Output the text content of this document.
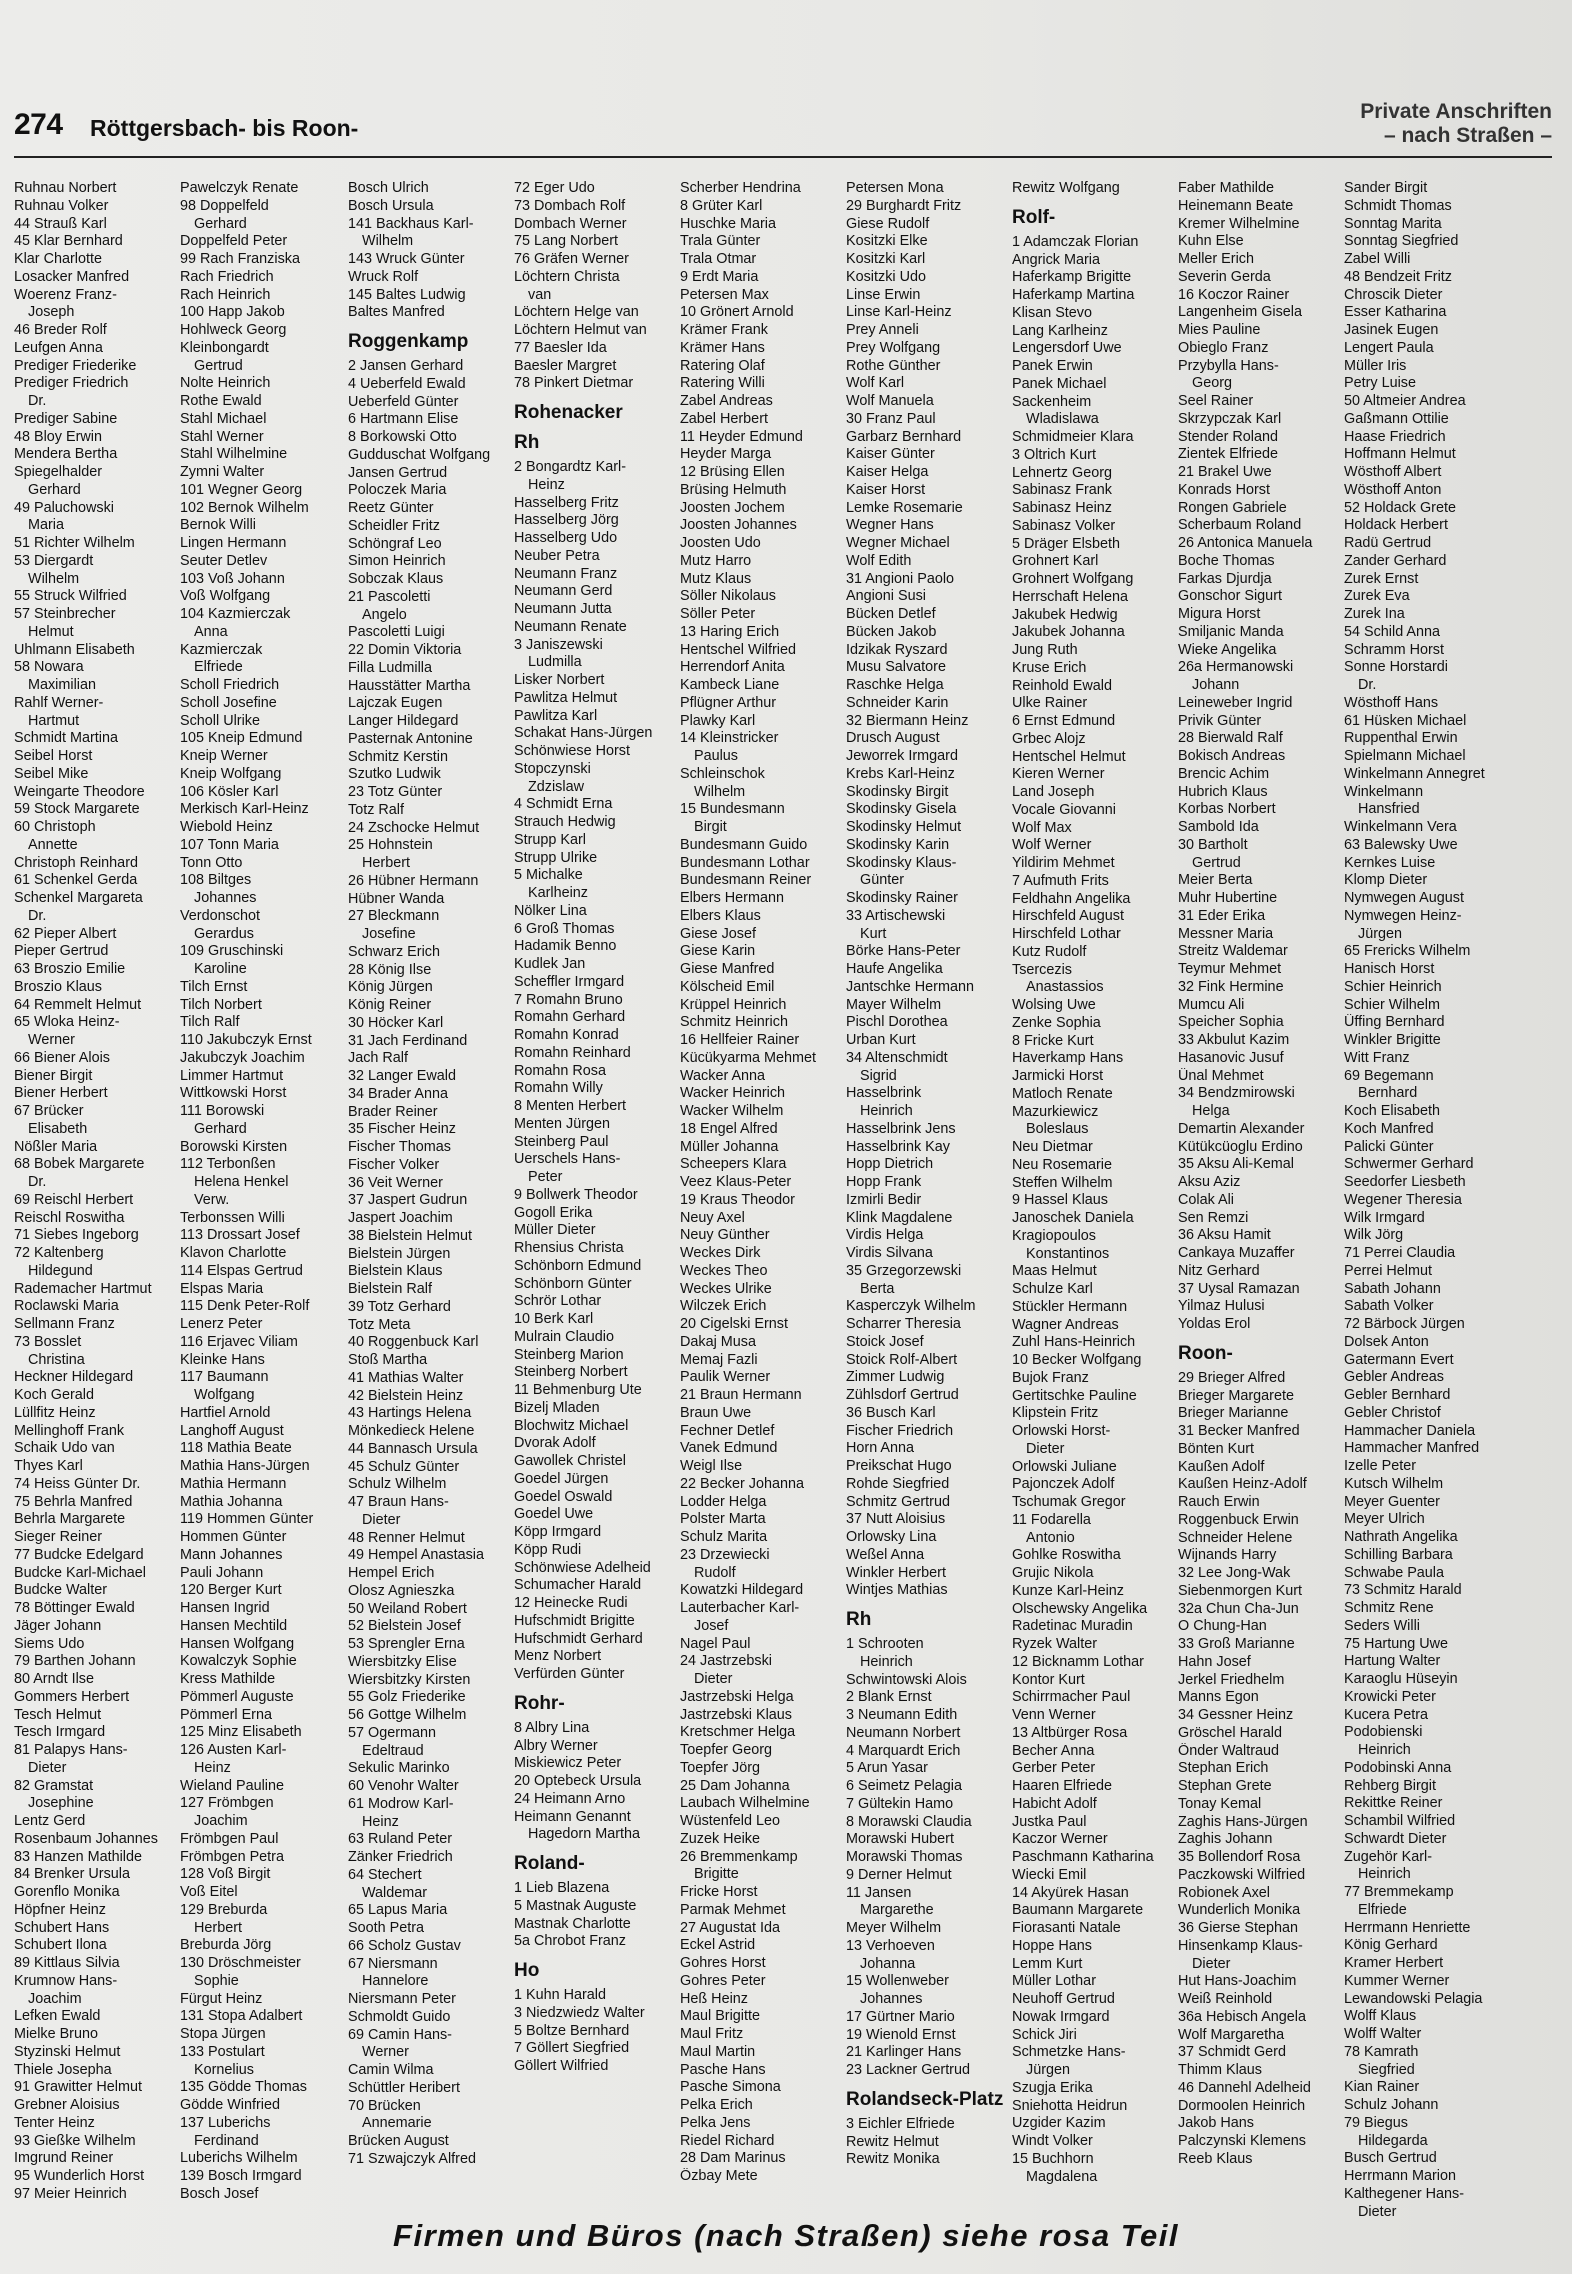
274 Röttgersbach- bis Roon-
Private Anschriften
– nach Straßen –
Ruhnau Norbert
Ruhnau Volker
44 Strauß Karl
45 Klar Bernhard
Klar Charlotte
Losacker Manfred
Woerenz Franz-
Joseph
46 Breder Rolf
Leufgen Anna
Prediger Friederike
Prediger Friedrich
Dr.
Prediger Sabine
48 Bloy Erwin
Mendera Bertha
Spiegelhalder
Gerhard
49 Paluchowski
Maria
51 Richter Wilhelm
53 Diergardt
Wilhelm
55 Struck Wilfried
57 Steinbrecher
Helmut
Uhlmann Elisabeth
58 Nowara
Maximilian
Rahlf Werner-
Hartmut
Schmidt Martina
Seibel Horst
Seibel Mike
Weingarte Theodore
59 Stock Margarete
60 Christoph
Annette
Christoph Reinhard
61 Schenkel Gerda
Schenkel Margareta
Dr.
62 Pieper Albert
Pieper Gertrud
63 Broszio Emilie
Broszio Klaus
64 Remmelt Helmut
65 Wloka Heinz-
Werner
66 Biener Alois
Biener Birgit
Biener Herbert
67 Brücker
Elisabeth
Nößler Maria
68 Bobek Margarete
Dr.
69 Reischl Herbert
Reischl Roswitha
71 Siebes Ingeborg
72 Kaltenberg
Hildegund
Rademacher Hartmut
Roclawski Maria
Sellmann Franz
73 Bosslet
Christina
Heckner Hildegard
Koch Gerald
Lüllfitz Heinz
Mellinghoff Frank
Schaik Udo van
Thyes Karl
74 Heiss Günter Dr.
75 Behrla Manfred
Behrla Margarete
Sieger Reiner
77 Budcke Edelgard
Budcke Karl-Michael
Budcke Walter
78 Böttinger Ewald
Jäger Johann
Siems Udo
79 Barthen Johann
80 Arndt Ilse
Gommers Herbert
Tesch Helmut
Tesch Irmgard
81 Palapys Hans-
Dieter
82 Gramstat
Josephine
Lentz Gerd
Rosenbaum Johannes
83 Hanzen Mathilde
84 Brenker Ursula
Gorenflo Monika
Höpfner Heinz
Schubert Hans
Schubert Ilona
89 Kittlaus Silvia
Krumnow Hans-
Joachim
Lefken Ewald
Mielke Bruno
Styzinski Helmut
Thiele Josepha
91 Grawitter Helmut
Grebner Aloisius
Tenter Heinz
93 Gießke Wilhelm
Imgrund Reiner
95 Wunderlich Horst
97 Meier Heinrich
Pawelczyk Renate
98 Doppelfeld
Gerhard
Doppelfeld Peter
99 Rach Franziska
Rach Friedrich
Rach Heinrich
100 Happ Jakob
Hohlweck Georg
Kleinbongardt
Gertrud
Nolte Heinrich
Rothe Ewald
Stahl Michael
Stahl Werner
Stahl Wilhelmine
Zymni Walter
101 Wegner Georg
102 Bernok Wilhelm
Bernok Willi
Lingen Hermann
Seuter Detlev
103 Voß Johann
Voß Wolfgang
104 Kazmierczak
Anna
Kazmierczak
Elfriede
Scholl Friedrich
Scholl Josefine
Scholl Ulrike
105 Kneip Edmund
Kneip Werner
Kneip Wolfgang
106 Kösler Karl
Merkisch Karl-Heinz
Wiebold Heinz
107 Tonn Maria
Tonn Otto
108 Biltges
Johannes
Verdonschot
Gerardus
109 Gruschinski
Karoline
Tilch Ernst
Tilch Norbert
Tilch Ralf
110 Jakubczyk Ernst
Jakubczyk Joachim
Limmer Hartmut
Wittkowski Horst
111 Borowski
Gerhard
Borowski Kirsten
112 Terbonßen
Helena Henkel
Verw.
Terbonssen Willi
113 Drossart Josef
Klavon Charlotte
114 Elspas Gertrud
Elspas Maria
115 Denk Peter-Rolf
Lenerz Peter
116 Erjavec Viliam
Kleinke Hans
117 Baumann
Wolfgang
Hartfiel Arnold
Langhoff August
118 Mathia Beate
Mathia Hans-Jürgen
Mathia Hermann
Mathia Johanna
119 Hommen Günter
Hommen Günter
Mann Johannes
Pauli Johann
120 Berger Kurt
Hansen Ingrid
Hansen Mechtild
Hansen Wolfgang
Kowalczyk Sophie
Kress Mathilde
Pömmerl Auguste
Pömmerl Erna
125 Minz Elisabeth
126 Austen Karl-
Heinz
Wieland Pauline
127 Frömbgen
Joachim
Frömbgen Paul
Frömbgen Petra
128 Voß Birgit
Voß Eitel
129 Breburda
Herbert
Breburda Jörg
130 Dröschmeister
Sophie
Fürgut Heinz
131 Stopa Adalbert
Stopa Jürgen
133 Postulart
Kornelius
135 Gödde Thomas
Gödde Winfried
137 Luberichs
Ferdinand
Luberichs Wilhelm
139 Bosch Irmgard
Bosch Josef
Bosch Ulrich
Bosch Ursula
141 Backhaus Karl-
Wilhelm
143 Wruck Günter
Wruck Rolf
145 Baltes Ludwig
Baltes Manfred
Roggenkamp
2 Jansen Gerhard
4 Ueberfeld Ewald
Ueberfeld Günter
6 Hartmann Elise
8 Borkowski Otto
Gudduschat Wolfgang
Jansen Gertrud
Poloczek Maria
Reetz Günter
Scheidler Fritz
Schöngraf Leo
Simon Heinrich
Sobczak Klaus
21 Pascoletti
Angelo
Pascoletti Luigi
22 Domin Viktoria
Filla Ludmilla
Hausstätter Martha
Lajczak Eugen
Langer Hildegard
Pasternak Antonine
Schmitz Kerstin
Szutko Ludwik
23 Totz Günter
Totz Ralf
24 Zschocke Helmut
25 Hohnstein
Herbert
26 Hübner Hermann
Hübner Wanda
27 Bleckmann
Josefine
Schwarz Erich
28 König Ilse
König Jürgen
König Reiner
30 Höcker Karl
31 Jach Ferdinand
Jach Ralf
32 Langer Ewald
34 Brader Anna
Brader Reiner
35 Fischer Heinz
Fischer Thomas
Fischer Volker
36 Veit Werner
37 Jaspert Gudrun
Jaspert Joachim
38 Bielstein Helmut
Bielstein Jürgen
Bielstein Klaus
Bielstein Ralf
39 Totz Gerhard
Totz Meta
40 Roggenbuck Karl
Stoß Martha
41 Mathias Walter
42 Bielstein Heinz
43 Hartings Helena
Mönkedieck Helene
44 Bannasch Ursula
45 Schulz Günter
Schulz Wilhelm
47 Braun Hans-
Dieter
48 Renner Helmut
49 Hempel Anastasia
Hempel Erich
Olosz Agnieszka
50 Weiland Robert
52 Bielstein Josef
53 Sprengler Erna
Wiersbitzky Elise
Wiersbitzky Kirsten
55 Golz Friederike
56 Gottge Wilhelm
57 Ogermann
Edeltraud
Sekulic Marinko
60 Venohr Walter
61 Modrow Karl-
Heinz
63 Ruland Peter
Zänker Friedrich
64 Stechert
Waldemar
65 Lapus Maria
Sooth Petra
66 Scholz Gustav
67 Niersmann
Hannelore
Niersmann Peter
Schmoldt Guido
69 Camin Hans-
Werner
Camin Wilma
Schüttler Heribert
70 Brücken
Annemarie
Brücken August
71 Szwajczyk Alfred
72 Eger Udo
73 Dombach Rolf
Dombach Werner
75 Lang Norbert
76 Gräfen Werner
Löchtern Christa
van
Löchtern Helge van
Löchtern Helmut van
77 Baesler Ida
Baesler Margret
78 Pinkert Dietmar
Rohenacker
Rh
2 Bongardtz Karl-
Heinz
Hasselberg Fritz
Hasselberg Jörg
Hasselberg Udo
Neuber Petra
Neumann Franz
Neumann Gerd
Neumann Jutta
Neumann Renate
3 Janiszewski
Ludmilla
Lisker Norbert
Pawlitza Helmut
Pawlitza Karl
Schakat Hans-Jürgen
Schönwiese Horst
Stopczynski
Zdzislaw
4 Schmidt Erna
Strauch Hedwig
Strupp Karl
Strupp Ulrike
5 Michalke
Karlheinz
Nölker Lina
6 Groß Thomas
Hadamik Benno
Kudlek Jan
Scheffler Irmgard
7 Romahn Bruno
Romahn Gerhard
Romahn Konrad
Romahn Reinhard
Romahn Rosa
Romahn Willy
8 Menten Herbert
Menten Jürgen
Steinberg Paul
Uerschels Hans-
Peter
9 Bollwerk Theodor
Gogoll Erika
Müller Dieter
Rhensius Christa
Schönborn Edmund
Schönborn Günter
Schrör Lothar
10 Berk Karl
Mulrain Claudio
Steinberg Marion
Steinberg Norbert
11 Behmenburg Ute
Bizelj Mladen
Blochwitz Michael
Dvorak Adolf
Gawollek Christel
Goedel Jürgen
Goedel Oswald
Goedel Uwe
Köpp Irmgard
Köpp Rudi
Schönwiese Adelheid
Schumacher Harald
12 Heinecke Rudi
Hufschmidt Brigitte
Hufschmidt Gerhard
Menz Norbert
Verfürden Günter
Rohr-
8 Albry Lina
Albry Werner
Miskiewicz Peter
20 Optebeck Ursula
24 Heimann Arno
Heimann Genannt
Hagedorn Martha
Roland-
1 Lieb Blazena
5 Mastnak Auguste
Mastnak Charlotte
5a Chrobot Franz
Ho
1 Kuhn Harald
3 Niedzwiedz Walter
5 Boltze Bernhard
7 Göllert Siegfried
Göllert Wilfried
Scherber Hendrina
8 Grüter Karl
Huschke Maria
Trala Günter
Trala Otmar
9 Erdt Maria
Petersen Max
10 Grönert Arnold
Krämer Frank
Krämer Hans
Ratering Olaf
Ratering Willi
Zabel Andreas
Zabel Herbert
11 Heyder Edmund
Heyder Marga
12 Brüsing Ellen
Brüsing Helmuth
Joosten Jochem
Joosten Johannes
Joosten Udo
Mutz Harro
Mutz Klaus
Söller Nikolaus
Söller Peter
13 Haring Erich
Hentschel Wilfried
Herrendorf Anita
Kambeck Liane
Pflügner Arthur
Plawky Karl
14 Kleinstricker
Paulus
Schleinschok
Wilhelm
15 Bundesmann
Birgit
Bundesmann Guido
Bundesmann Lothar
Bundesmann Reiner
Elbers Hermann
Elbers Klaus
Giese Josef
Giese Karin
Giese Manfred
Kölscheid Emil
Krüppel Heinrich
Schmitz Heinrich
16 Hellfeier Rainer
Kücükyarma Mehmet
Wacker Anna
Wacker Heinrich
Wacker Wilhelm
18 Engel Alfred
Müller Johanna
Scheepers Klara
Veez Klaus-Peter
19 Kraus Theodor
Neuy Axel
Neuy Günther
Weckes Dirk
Weckes Theo
Weckes Ulrike
Wilczek Erich
20 Cigelski Ernst
Dakaj Musa
Memaj Fazli
Paulik Werner
21 Braun Hermann
Braun Uwe
Fechner Detlef
Vanek Edmund
Weigl Ilse
22 Becker Johanna
Lodder Helga
Polster Marta
Schulz Marita
23 Drzewiecki
Rudolf
Kowatzki Hildegard
Lauterbacher Karl-
Josef
Nagel Paul
24 Jastrzebski
Dieter
Jastrzebski Helga
Jastrzebski Klaus
Kretschmer Helga
Toepfer Georg
Toepfer Jörg
25 Dam Johanna
Laubach Wilhelmine
Wüstenfeld Leo
Zuzek Heike
26 Bremmenkamp
Brigitte
Fricke Horst
Parmak Mehmet
27 Augustat Ida
Eckel Astrid
Gohres Horst
Gohres Peter
Heß Heinz
Maul Brigitte
Maul Fritz
Maul Martin
Pasche Hans
Pasche Simona
Pelka Erich
Pelka Jens
Riedel Richard
28 Dam Marinus
Özbay Mete
Petersen Mona
29 Burghardt Fritz
Giese Rudolf
Kositzki Elke
Kositzki Karl
Kositzki Udo
Linse Erwin
Linse Karl-Heinz
Prey Anneli
Prey Wolfgang
Rothe Günther
Wolf Karl
Wolf Manuela
30 Franz Paul
Garbarz Bernhard
Kaiser Günter
Kaiser Helga
Kaiser Horst
Lemke Rosemarie
Wegner Hans
Wegner Michael
Wolf Edith
31 Angioni Paolo
Angioni Susi
Bücken Detlef
Bücken Jakob
Idzikak Ryszard
Musu Salvatore
Raschke Helga
Schneider Karin
32 Biermann Heinz
Drusch August
Jeworrek Irmgard
Krebs Karl-Heinz
Skodinsky Birgit
Skodinsky Gisela
Skodinsky Helmut
Skodinsky Karin
Skodinsky Klaus-
Günter
Skodinsky Rainer
33 Artischewski
Kurt
Börke Hans-Peter
Haufe Angelika
Jantschke Hermann
Mayer Wilhelm
Pischl Dorothea
Urban Kurt
34 Altenschmidt
Sigrid
Hasselbrink
Heinrich
Hasselbrink Jens
Hasselbrink Kay
Hopp Dietrich
Hopp Frank
Izmirli Bedir
Klink Magdalene
Virdis Helga
Virdis Silvana
35 Grzegorzewski
Berta
Kasperczyk Wilhelm
Scharrer Theresia
Stoick Josef
Stoick Rolf-Albert
Zimmer Ludwig
Zühlsdorf Gertrud
36 Busch Karl
Fischer Friedrich
Horn Anna
Preikschat Hugo
Rohde Siegfried
Schmitz Gertrud
37 Nutt Aloisius
Orlowsky Lina
Weßel Anna
Winkler Herbert
Wintjes Mathias
Rh
1 Schrooten
Heinrich
Schwintowski Alois
2 Blank Ernst
3 Neumann Edith
Neumann Norbert
4 Marquardt Erich
5 Arun Yasar
6 Seimetz Pelagia
7 Gültekin Hamo
8 Morawski Claudia
Morawski Hubert
Morawski Thomas
9 Derner Helmut
11 Jansen
Margarethe
Meyer Wilhelm
13 Verhoeven
Johanna
15 Wollenweber
Johannes
17 Gürtner Mario
19 Wienold Ernst
21 Karlinger Hans
23 Lackner Gertrud
Rolandseck-Platz
3 Eichler Elfriede
Rewitz Helmut
Rewitz Monika
Rewitz Wolfgang
Rolf-
1 Adamczak Florian
Angrick Maria
Haferkamp Brigitte
Haferkamp Martina
Klisan Stevo
Lang Karlheinz
Lengersdorf Uwe
Panek Erwin
Panek Michael
Sackenheim
Wladislawa
Schmidmeier Klara
3 Oltrich Kurt
Lehnertz Georg
Sabinasz Frank
Sabinasz Heinz
Sabinasz Volker
5 Dräger Elsbeth
Grohnert Karl
Grohnert Wolfgang
Herrschaft Helena
Jakubek Hedwig
Jakubek Johanna
Jung Ruth
Kruse Erich
Reinhold Ewald
Ulke Rainer
6 Ernst Edmund
Grbec Alojz
Hentschel Helmut
Kieren Werner
Land Joseph
Vocale Giovanni
Wolf Max
Wolf Werner
Yildirim Mehmet
7 Aufmuth Frits
Feldhahn Angelika
Hirschfeld August
Hirschfeld Lothar
Kutz Rudolf
Tsercezis
Anastassios
Wolsing Uwe
Zenke Sophia
8 Fricke Kurt
Haverkamp Hans
Jarmicki Horst
Matloch Renate
Mazurkiewicz
Boleslaus
Neu Dietmar
Neu Rosemarie
Steffen Wilhelm
9 Hassel Klaus
Janoschek Daniela
Kragiopoulos
Konstantinos
Maas Helmut
Schulze Karl
Stückler Hermann
Wagner Andreas
Zuhl Hans-Heinrich
10 Becker Wolfgang
Bujok Franz
Gertitschke Pauline
Klipstein Fritz
Orlowski Horst-
Dieter
Orlowski Juliane
Pajonczek Adolf
Tschumak Gregor
11 Fodarella
Antonio
Gohlke Roswitha
Grujic Nikola
Kunze Karl-Heinz
Olschewsky Angelika
Radetinac Muradin
Ryzek Walter
12 Bicknamm Lothar
Kontor Kurt
Schirrmacher Paul
Venn Werner
13 Altbürger Rosa
Becher Anna
Gerber Peter
Haaren Elfriede
Habicht Adolf
Justka Paul
Kaczor Werner
Paschmann Katharina
Wiecki Emil
14 Akyürek Hasan
Baumann Margarete
Fiorasanti Natale
Hoppe Hans
Lemm Kurt
Müller Lothar
Neuhoff Gertrud
Nowak Irmgard
Schick Jiri
Schmetzke Hans-
Jürgen
Szugja Erika
Sniehotta Heidrun
Uzgider Kazim
Windt Volker
15 Buchhorn
Magdalena
Faber Mathilde
Heinemann Beate
Kremer Wilhelmine
Kuhn Else
Meller Erich
Severin Gerda
16 Koczor Rainer
Langenheim Gisela
Mies Pauline
Obieglo Franz
Przybylla Hans-
Georg
Seel Rainer
Skrzypczak Karl
Stender Roland
Zientek Elfriede
21 Brakel Uwe
Konrads Horst
Rongen Gabriele
Scherbaum Roland
26 Antonica Manuela
Boche Thomas
Farkas Djurdja
Gonschor Sigurt
Migura Horst
Smiljanic Manda
Wieke Angelika
26a Hermanowski
Johann
Leineweber Ingrid
Privik Günter
28 Bierwald Ralf
Bokisch Andreas
Brencic Achim
Hubrich Klaus
Korbas Norbert
Sambold Ida
30 Bartholt
Gertrud
Meier Berta
Muhr Hubertine
31 Eder Erika
Messner Maria
Streitz Waldemar
Teymur Mehmet
32 Fink Hermine
Mumcu Ali
Speicher Sophia
33 Akbulut Kazim
Hasanovic Jusuf
Ünal Mehmet
34 Bendzmirowski
Helga
Demartin Alexander
Kütükcüoglu Erdino
35 Aksu Ali-Kemal
Aksu Aziz
Colak Ali
Sen Remzi
36 Aksu Hamit
Cankaya Muzaffer
Nitz Gerhard
37 Uysal Ramazan
Yilmaz Hulusi
Yoldas Erol
Roon-
29 Brieger Alfred
Brieger Margarete
Brieger Marianne
31 Becker Manfred
Bönten Kurt
Kaußen Adolf
Kaußen Heinz-Adolf
Rauch Erwin
Roggenbuck Erwin
Schneider Helene
Wijnands Harry
32 Lee Jong-Wak
Siebenmorgen Kurt
32a Chun Cha-Jun
O Chung-Han
33 Groß Marianne
Hahn Josef
Jerkel Friedhelm
Manns Egon
34 Gessner Heinz
Gröschel Harald
Önder Waltraud
Stephan Erich
Stephan Grete
Tonay Kemal
Zaghis Hans-Jürgen
Zaghis Johann
35 Bollendorf Rosa
Paczkowski Wilfried
Robionek Axel
Wunderlich Monika
36 Gierse Stephan
Hinsenkamp Klaus-
Dieter
Hut Hans-Joachim
Weiß Reinhold
36a Hebisch Angela
Wolf Margaretha
37 Schmidt Gerd
Thimm Klaus
46 Dannehl Adelheid
Dormoolen Heinrich
Jakob Hans
Palczynski Klemens
Reeb Klaus
Sander Birgit
Schmidt Thomas
Sonntag Marita
Sonntag Siegfried
Zabel Willi
48 Bendzeit Fritz
Chroscik Dieter
Esser Katharina
Jasinek Eugen
Lengert Paula
Müller Iris
Petry Luise
50 Altmeier Andrea
Gaßmann Ottilie
Haase Friedrich
Hoffmann Helmut
Wösthoff Albert
Wösthoff Anton
52 Holdack Grete
Holdack Herbert
Radü Gertrud
Zander Gerhard
Zurek Ernst
Zurek Eva
Zurek Ina
54 Schild Anna
Schramm Horst
Sonne Horstardi
Dr.
Wösthoff Hans
61 Hüsken Michael
Ruppenthal Erwin
Spielmann Michael
Winkelmann Annegret
Winkelmann
Hansfried
Winkelmann Vera
63 Balewsky Uwe
Kernkes Luise
Klomp Dieter
Nymwegen August
Nymwegen Heinz-
Jürgen
65 Frericks Wilhelm
Hanisch Horst
Schier Heinrich
Schier Wilhelm
Üffing Bernhard
Winkler Brigitte
Witt Franz
69 Begemann
Bernhard
Koch Elisabeth
Koch Manfred
Palicki Günter
Schwermer Gerhard
Seedorfer Liesbeth
Wegener Theresia
Wilk Irmgard
Wilk Jörg
71 Perrei Claudia
Perrei Helmut
Sabath Johann
Sabath Volker
72 Bärbock Jürgen
Dolsek Anton
Gatermann Evert
Gebler Andreas
Gebler Bernhard
Gebler Christof
Hammacher Daniela
Hammacher Manfred
Izelle Peter
Kutsch Wilhelm
Meyer Guenter
Meyer Ulrich
Nathrath Angelika
Schilling Barbara
Schwabe Paula
73 Schmitz Harald
Schmitz Rene
Seders Willi
75 Hartung Uwe
Hartung Walter
Karaoglu Hüseyin
Krowicki Peter
Kucera Petra
Podobienski
Heinrich
Podobinski Anna
Rehberg Birgit
Rekittke Reiner
Schambil Wilfried
Schwardt Dieter
Zugehör Karl-
Heinrich
77 Bremmekamp
Elfriede
Herrmann Henriette
König Gerhard
Kramer Herbert
Kummer Werner
Lewandowski Pelagia
Wolff Klaus
Wolff Walter
78 Kamrath
Siegfried
Kian Rainer
Schulz Johann
79 Biegus
Hildegarda
Busch Gertrud
Herrmann Marion
Kalthegener Hans-
Dieter
Firmen und Büros (nach Straßen) siehe rosa Teil
